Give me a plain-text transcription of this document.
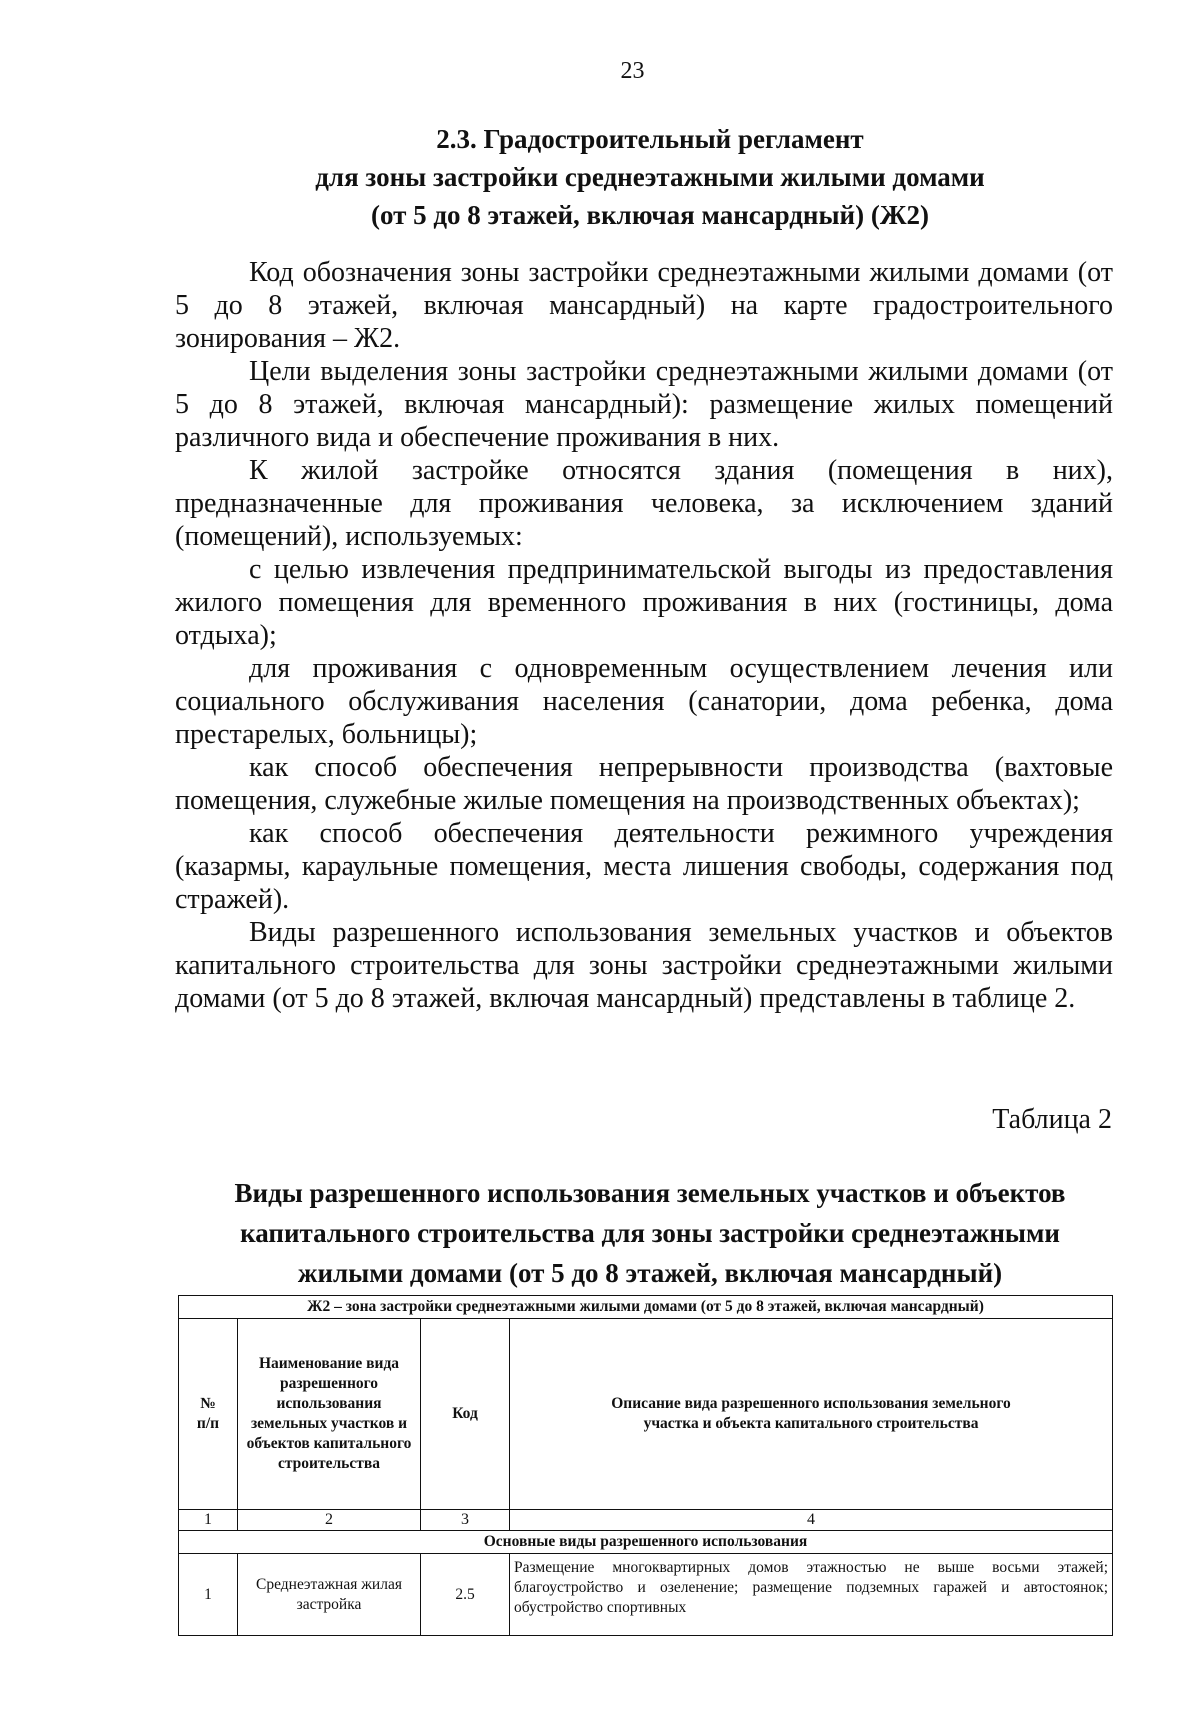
23
2.3. Градостроительный регламент
для зоны застройки среднеэтажными жилыми домами
(от 5 до 8 этажей, включая мансардный) (Ж2)

Код обозначения зоны застройки среднеэтажными жилыми домами (от 5 до 8 этажей, включая мансардный) на карте градостроительного зонирования – Ж2.

Цели выделения зоны застройки среднеэтажными жилыми домами (от 5 до 8 этажей, включая мансардный): размещение жилых помещений различного вида и обеспечение проживания в них.

К жилой застройке относятся здания (помещения в них), предназначенные для проживания человека, за исключением зданий (помещений), используемых:

с целью извлечения предпринимательской выгоды из предоставления жилого помещения для временного проживания в них (гостиницы, дома отдыха);

для проживания с одновременным осуществлением лечения или социального обслуживания населения (санатории, дома ребенка, дома престарелых, больницы);

как способ обеспечения непрерывности производства (вахтовые помещения, служебные жилые помещения на производственных объектах);

как способ обеспечения деятельности режимного учреждения (казармы, караульные помещения, места лишения свободы, содержания под стражей).

Виды разрешенного использования земельных участков и объектов капитального строительства для зоны застройки среднеэтажными жилыми домами (от 5 до 8 этажей, включая мансардный) представлены в таблице 2.

Таблица 2
Виды разрешенного использования земельных участков и объектов
капитального строительства для зоны застройки среднеэтажными
жилыми домами (от 5 до 8 этажей, включая мансардный)
Ж2 – зона застройки среднеэтажными жилыми домами (от 5 до 8 этажей, включая мансардный)			

№
п/п	Наименование вида разрешенного использования земельных участков и объектов капитального строительства	Код	Описание вида разрешенного использования земельного участка и объекта капитального строительства

1	2	3	4
Основные виды разрешенного использования			
1	Среднеэтажная жилая застройка	2.5	Размещение многоквартирных домов этажностью не выше восьми этажей; благоустройство и озеленение; размещение подземных гаражей и автостоянок; обустройство спортивных
